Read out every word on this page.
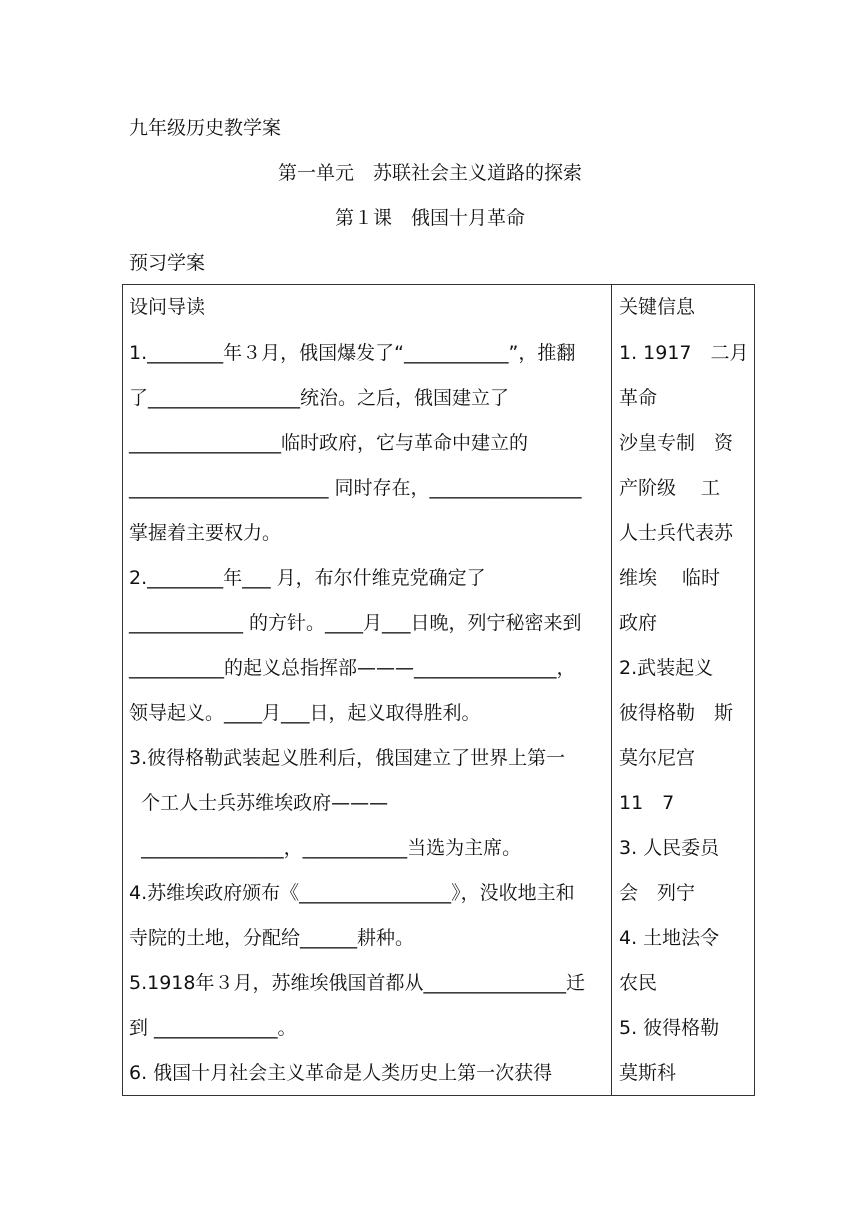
九年级历史教学案
第一单元　苏联社会主义道路的探索
第１课　俄国十月革命
预习学案
设问导读
1.________年３月，俄国爆发了“___________”，推翻
了________________统治。之后，俄国建立了
________________临时政府，它与革命中建立的
_____________________ 同时存在，________________
掌握着主要权力。
2.________年___ 月，布尔什维克党确定了
____________ 的方针。____月___日晚，列宁秘密来到
__________的起义总指挥部———_______________，
领导起义。____月___日，起义取得胜利。
3.彼得格勒武装起义胜利后，俄国建立了世界上第一
个工人士兵苏维埃政府———
_______________，___________当选为主席。
4.苏维埃政府颁布《________________》，没收地主和
寺院的土地，分配给______耕种。
5.1918年３月，苏维埃俄国首都从_______________迁
到 _____________。
6. 俄国十月社会主义革命是人类历史上第一次获得
关键信息
1. 1917　二月
革命
沙皇专制　资
产阶级　 工
人士兵代表苏
维埃　 临时
政府
2.武装起义
彼得格勒　斯
莫尔尼宫
11　7
3. 人民委员
会　列宁
4. 土地法令
农民
5. 彼得格勒
莫斯科
